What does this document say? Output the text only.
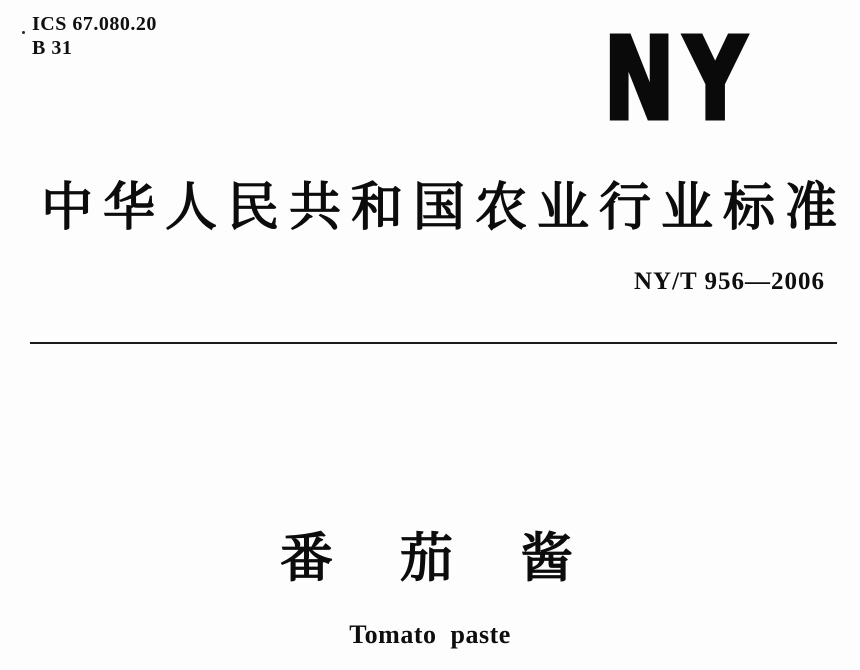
ICS 67.080.20
B 31	NY
中华人民共和国农业行业标准
NY/T 956—2006
番　茄　酱
Tomato paste
